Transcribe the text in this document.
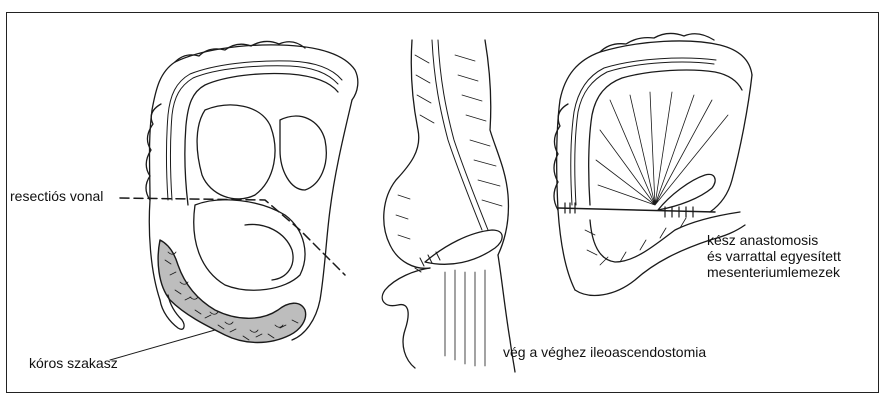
resectiós vonal
kóros szakasz
vég a véghez ileoascendostomia
kész anastomosis
és varrattal egyesített
mesenteriumlemezek
